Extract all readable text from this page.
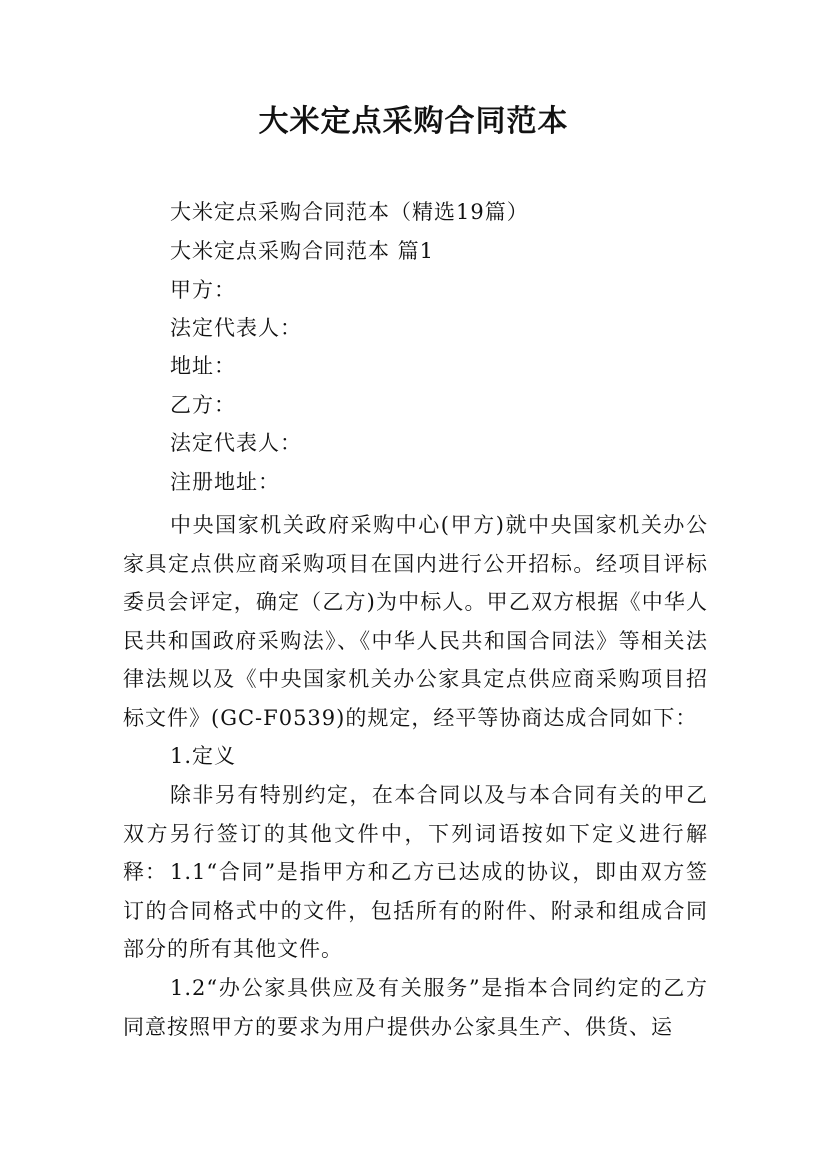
大米定点采购合同范本
大米定点采购合同范本（精选19篇）
大米定点采购合同范本 篇1
甲方：
法定代表人：
地址：
乙方：
法定代表人：
注册地址：
中央国家机关政府采购中心(甲方)就中央国家机关办公家具定点供应商采购项目在国内进行公开招标。经项目评标委员会评定，确定（乙方)为中标人。甲乙双方根据《中华人民共和国政府采购法》、《中华人民共和国合同法》等相关法律法规以及《中央国家机关办公家具定点供应商采购项目招标文件》(GC-F0539)的规定，经平等协商达成合同如下：
1.定义
除非另有特别约定，在本合同以及与本合同有关的甲乙双方另行签订的其他文件中，下列词语按如下定义进行解释： 1.1“合同”是指甲方和乙方已达成的协议，即由双方签订的合同格式中的文件，包括所有的附件、附录和组成合同部分的所有其他文件。
1.2“办公家具供应及有关服务”是指本合同约定的乙方同意按照甲方的要求为用户提供办公家具生产、供货、运
